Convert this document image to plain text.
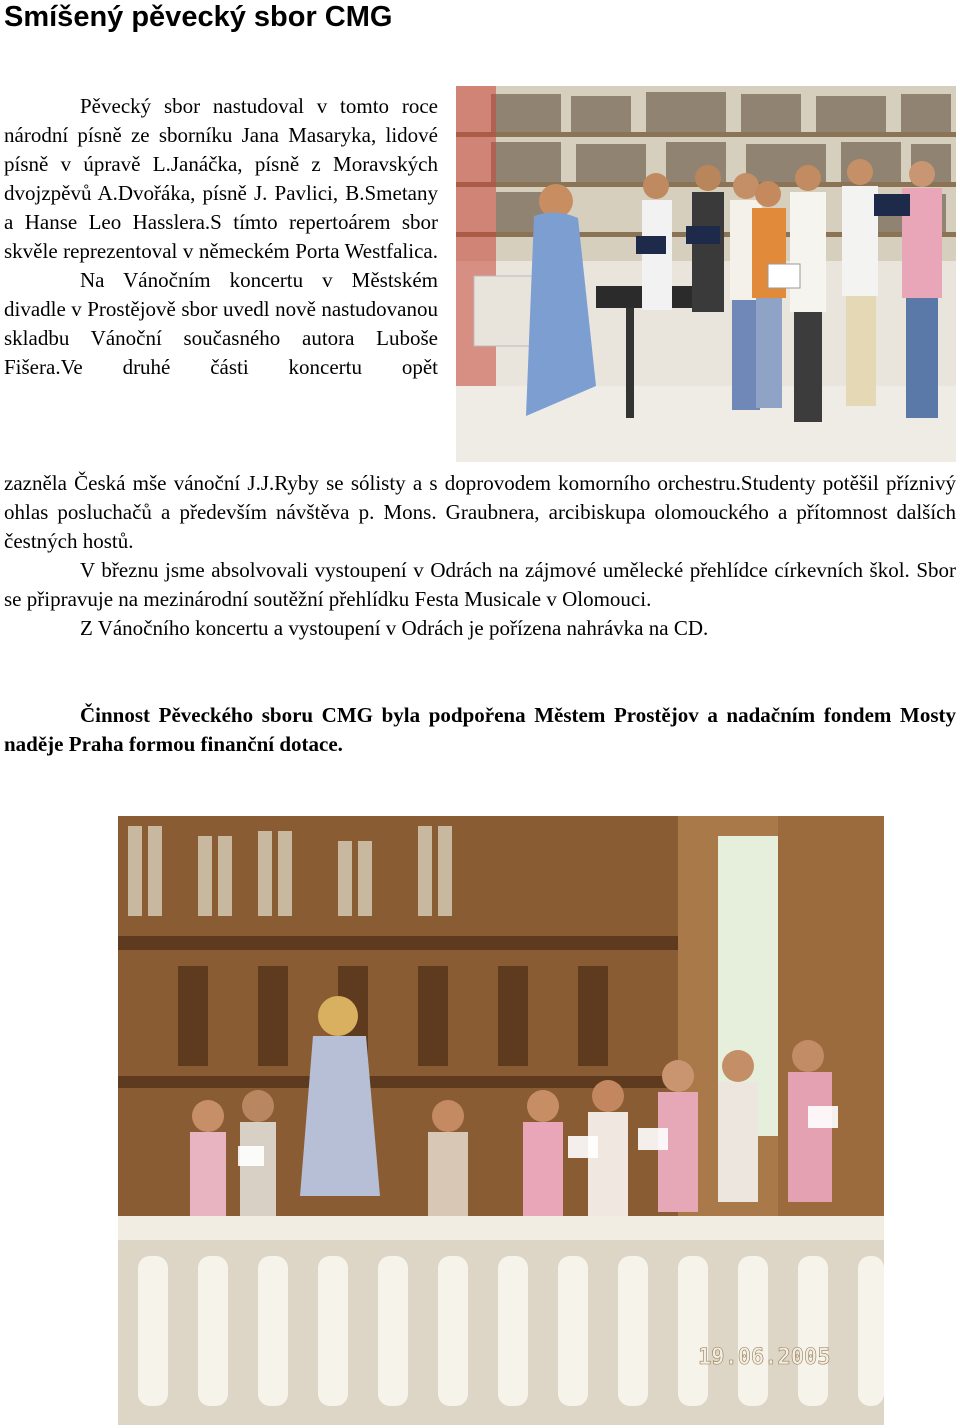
Smíšený pěvecký sbor CMG

Pěvecký sbor nastudoval v tomto roce národní písně ze sborníku Jana Masaryka, lidové písně v úpravě L.Janáčka, písně z Moravských dvojzpěvů A.Dvořáka, písně J. Pavlici, B.Smetany a Hanse Leo Hasslera.S tímto repertoárem sbor skvěle reprezentoval v německém Porta Westfalica.

Na Vánočním koncertu v Městském divadle v Prostějově sbor uvedl nově nastudovanou skladbu Vánoční současného autora Luboše Fišera.Ve druhé části koncertu opět

zazněla Česká mše vánoční J.J.Ryby se sólisty a s doprovodem komorního orchestru.Studenty potěšil příznivý ohlas posluchačů a především návštěva p. Mons. Graubnera, arcibiskupa olomouckého a přítomnost dalších čestných hostů.

V březnu jsme absolvovali vystoupení v Odrách na zájmové umělecké přehlídce církevních škol. Sbor se připravuje na mezinárodní soutěžní přehlídku Festa Musicale v Olomouci.

Z Vánočního koncertu a vystoupení v Odrách je pořízena nahrávka na CD.

Činnost Pěveckého sboru CMG byla podpořena Městem Prostějov a nadačním fondem Mosty naděje Praha formou finanční dotace.

19.06.2005
